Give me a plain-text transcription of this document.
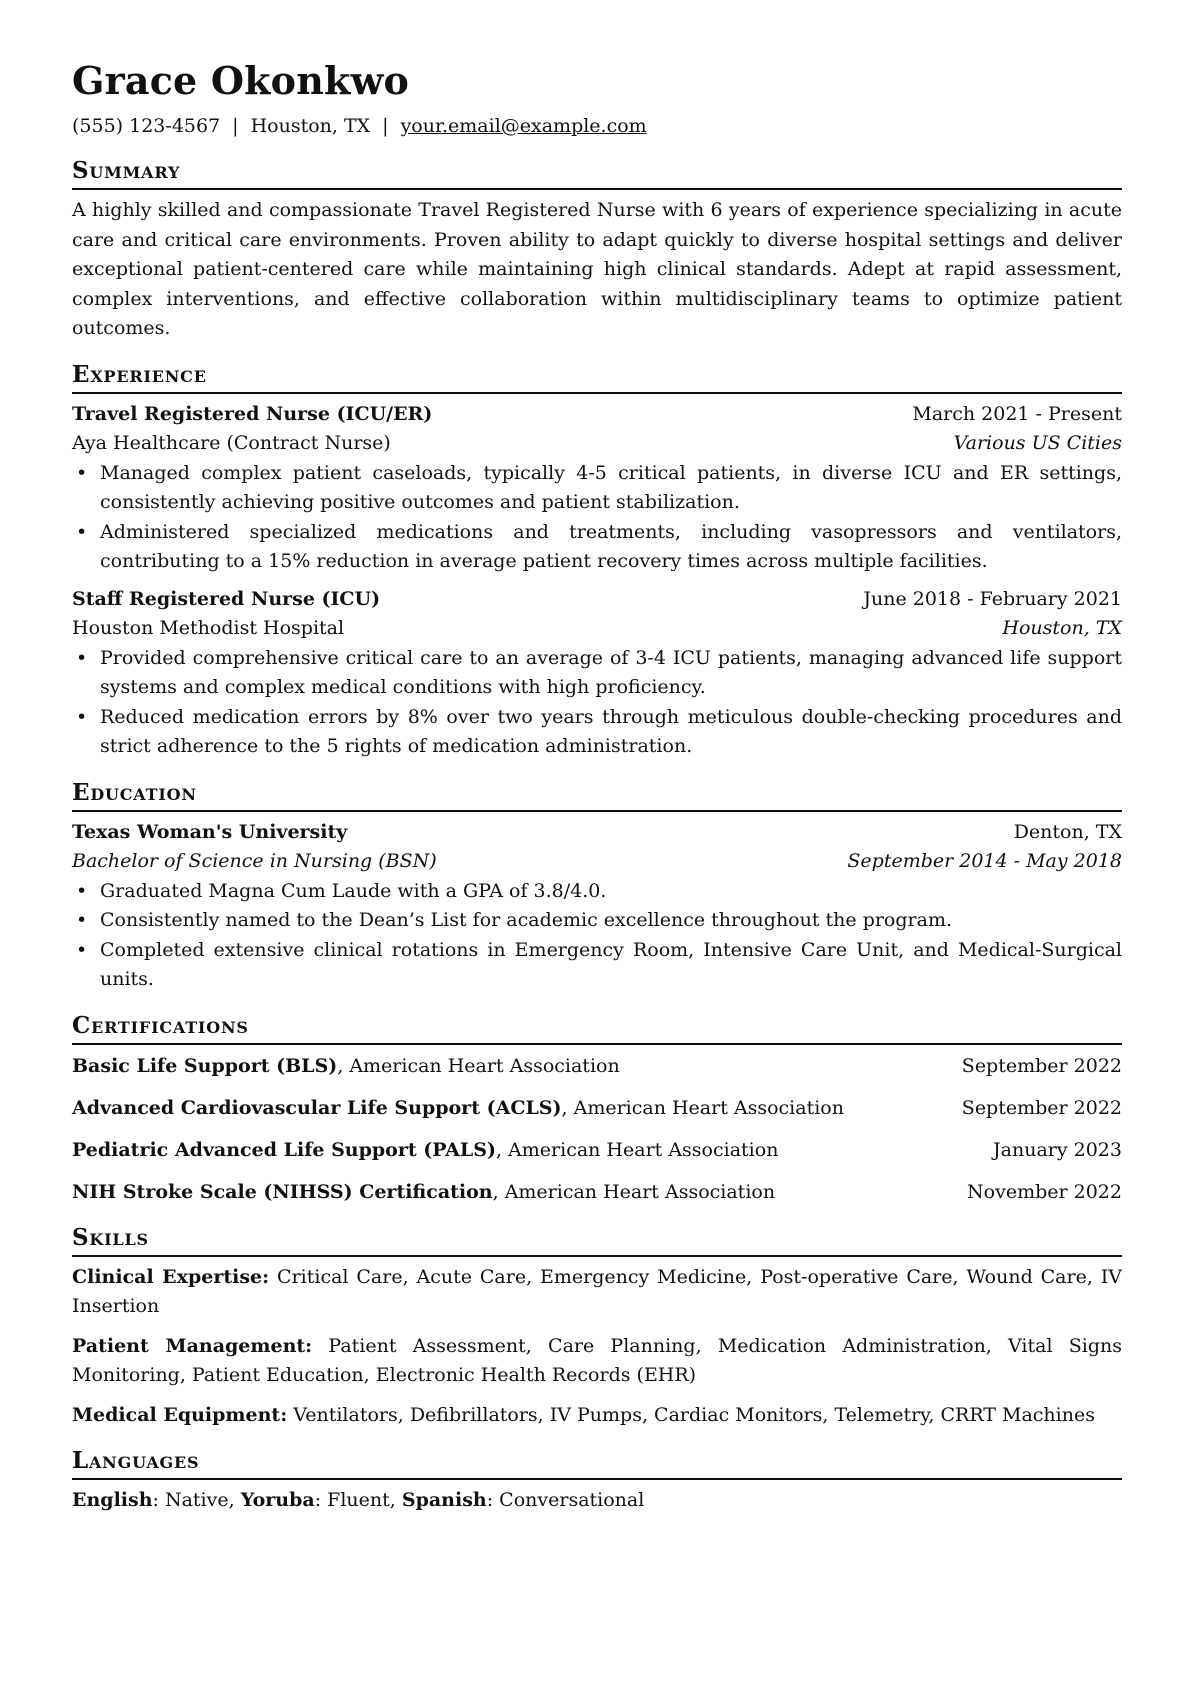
Grace Okonkwo
(555) 123-4567 | Houston, TX | your.email@example.com
Summary

A highly skilled and compassionate Travel Registered Nurse with 6 years of experience specializing in acute care and critical care environments. Proven ability to adapt quickly to diverse hospital settings and deliver exceptional patient-centered care while maintaining high clinical standards. Adept at rapid assessment, complex interventions, and effective collaboration within multidisciplinary teams to optimize patient outcomes.

Experience
Travel Registered Nurse (ICU/ER)	March 2021 - Present
Aya Healthcare (Contract Nurse)	Various US Cities
• Managed complex patient caseloads, typically 4-5 critical patients, in diverse ICU and ER settings, consistently achieving positive outcomes and patient stabilization.
• Administered specialized medications and treatments, including vasopressors and ventilators, contributing to a 15% reduction in average patient recovery times across multiple facilities.
Staff Registered Nurse (ICU)	June 2018 - February 2021
Houston Methodist Hospital	Houston, TX
• Provided comprehensive critical care to an average of 3-4 ICU patients, managing advanced life support systems and complex medical conditions with high proficiency.
• Reduced medication errors by 8% over two years through meticulous double-checking procedures and strict adherence to the 5 rights of medication administration.
Education
Texas Woman's University	Denton, TX
Bachelor of Science in Nursing (BSN)	September 2014 - May 2018
• Graduated Magna Cum Laude with a GPA of 3.8/4.0.
• Consistently named to the Dean’s List for academic excellence throughout the program.
• Completed extensive clinical rotations in Emergency Room, Intensive Care Unit, and Medical-Surgical units.
Certifications
Basic Life Support (BLS), American Heart Association	September 2022
Advanced Cardiovascular Life Support (ACLS), American Heart Association	September 2022
Pediatric Advanced Life Support (PALS), American Heart Association	January 2023
NIH Stroke Scale (NIHSS) Certification, American Heart Association	November 2022
Skills
Clinical Expertise: Critical Care, Acute Care, Emergency Medicine, Post-operative Care, Wound Care, IV Insertion
Patient Management: Patient Assessment, Care Planning, Medication Administration, Vital Signs Monitoring, Patient Education, Electronic Health Records (EHR)
Medical Equipment: Ventilators, Defibrillators, IV Pumps, Cardiac Monitors, Telemetry, CRRT Machines
Languages

English: Native, Yoruba: Fluent, Spanish: Conversational
